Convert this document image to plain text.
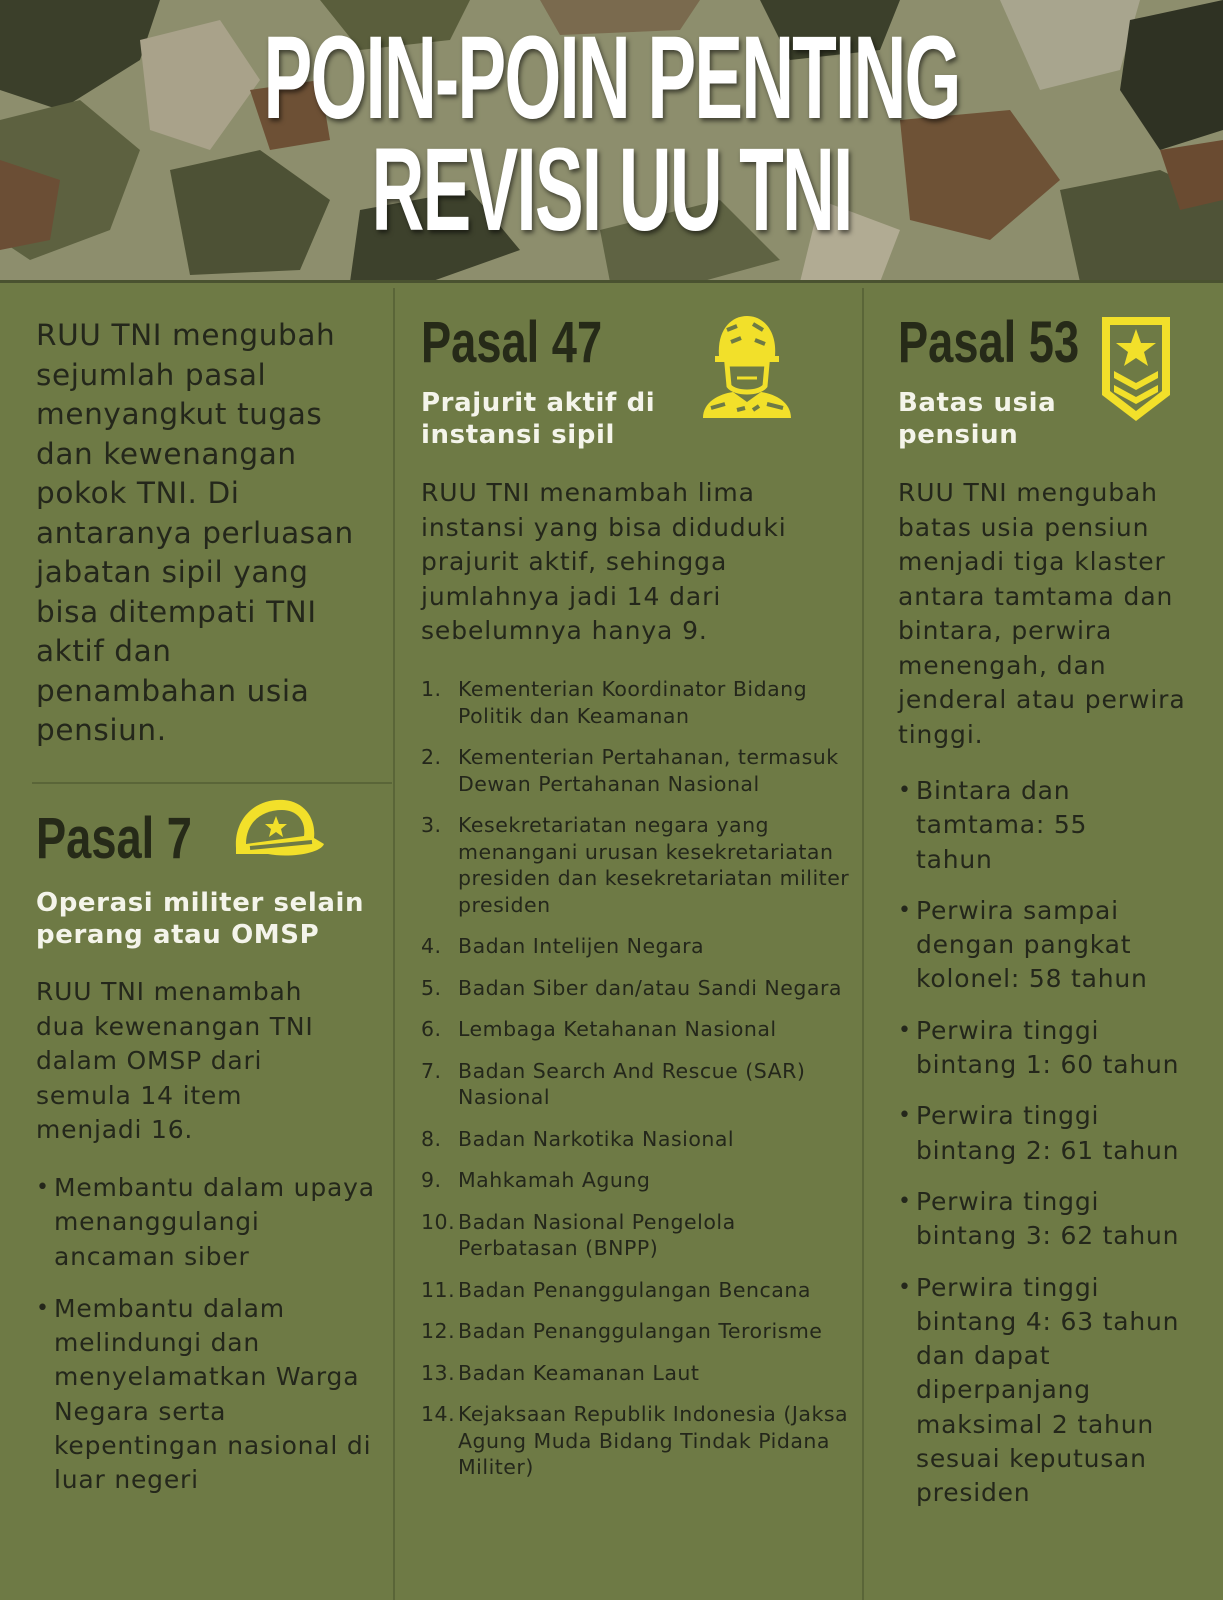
POIN-POIN PENTING
REVISI UU TNI
RUU TNI mengubah sejumlah pasal menyangkut tugas dan kewenangan pokok TNI. Di antaranya perluasan jabatan sipil yang bisa ditempati TNI aktif dan penambahan usia pensiun.
Pasal 7
Operasi militer selain perang atau OMSP
RUU TNI menambah dua kewenangan TNI dalam OMSP dari semula 14 item menjadi 16.
• Membantu dalam upaya menanggulangi ancaman siber
• Membantu dalam melindungi dan menyelamatkan Warga Negara serta kepentingan nasional di luar negeri
Pasal 47
Prajurit aktif di instansi sipil
RUU TNI menambah lima instansi yang bisa diduduki prajurit aktif, sehingga jumlahnya jadi 14 dari sebelumnya hanya 9.
1. Kementerian Koordinator Bidang Politik dan Keamanan
2. Kementerian Pertahanan, termasuk Dewan Pertahanan Nasional
3. Kesekretariatan negara yang menangani urusan kesekretariatan presiden dan kesekretariatan militer presiden
4. Badan Intelijen Negara
5. Badan Siber dan/atau Sandi Negara
6. Lembaga Ketahanan Nasional
7. Badan Search And Rescue (SAR) Nasional
8. Badan Narkotika Nasional
9. Mahkamah Agung
10. Badan Nasional Pengelola Perbatasan (BNPP)
11. Badan Penanggulangan Bencana
12. Badan Penanggulangan Terorisme
13. Badan Keamanan Laut
14. Kejaksaan Republik Indonesia (Jaksa Agung Muda Bidang Tindak Pidana Militer)
Pasal 53
Batas usia pensiun
RUU TNI mengubah batas usia pensiun menjadi tiga klaster antara tamtama dan bintara, perwira menengah, dan jenderal atau perwira tinggi.
• Bintara dan tamtama: 55 tahun
• Perwira sampai dengan pangkat kolonel: 58 tahun
• Perwira tinggi bintang 1: 60 tahun
• Perwira tinggi bintang 2: 61 tahun
• Perwira tinggi bintang 3: 62 tahun
• Perwira tinggi bintang 4: 63 tahun dan dapat diperpanjang maksimal 2 tahun sesuai keputusan presiden
